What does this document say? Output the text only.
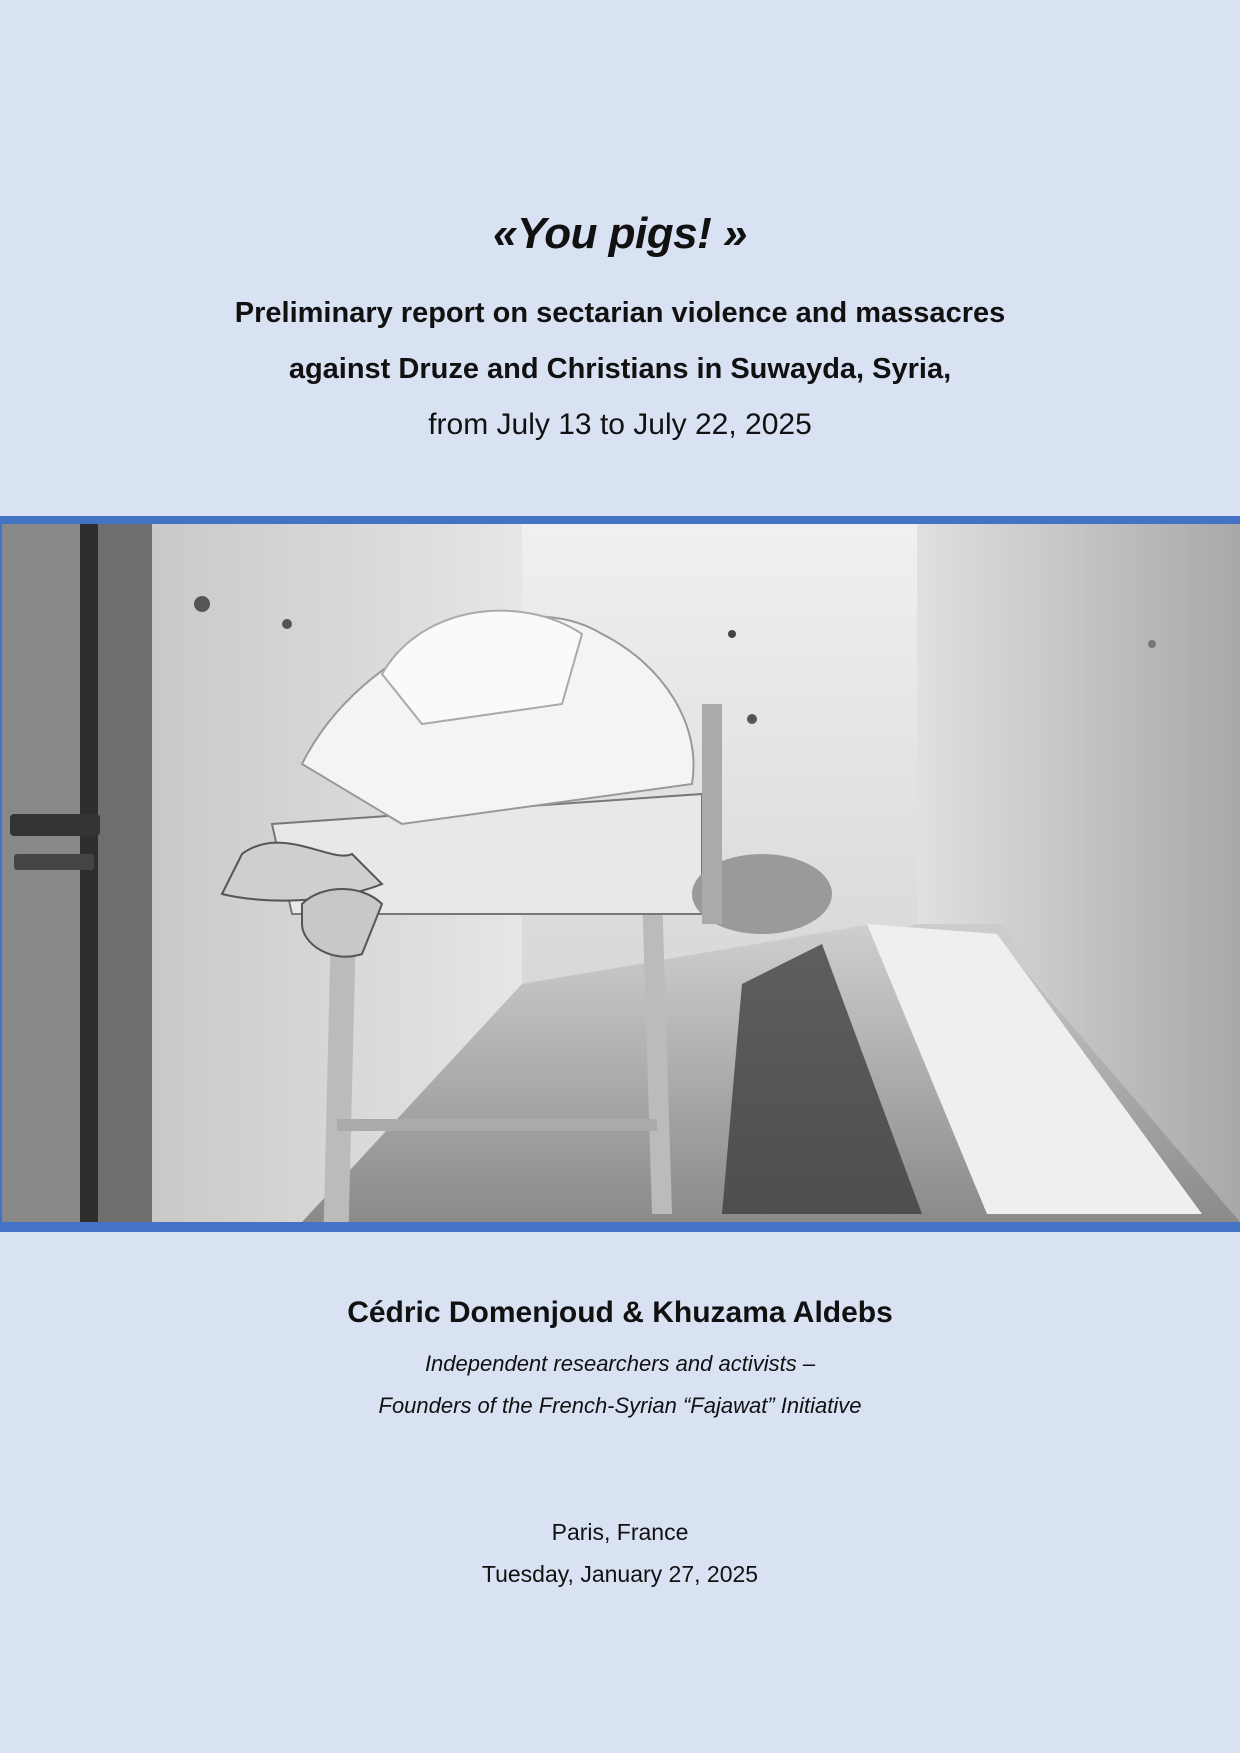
«You pigs! »
Preliminary report on sectarian violence and massacres
against Druze and Christians in Suwayda, Syria,
from July 13 to July 22, 2025
Cédric Domenjoud & Khuzama Aldebs
Independent researchers and activists –
Founders of the French-Syrian “Fajawat” Initiative
Paris, France
Tuesday, January 27, 2025
